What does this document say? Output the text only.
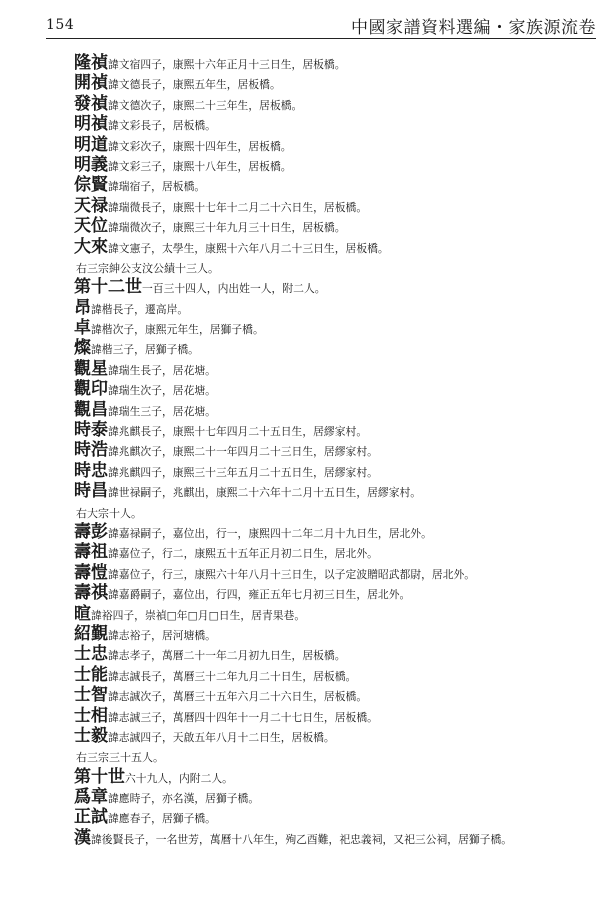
154	中國家譜資料選編・家族源流卷
隆禎諱文宿四子，康熙十六年正月十三日生，居板橋。
開禎諱文德長子，康熙五年生，居板橋。
發禎諱文德次子，康熙二十三年生，居板橋。
明禎諱文彩長子，居板橋。
明道諱文彩次子，康熙十四年生，居板橋。
明義諱文彩三子，康熙十八年生，居板橋。
倧賢諱瑞宿子，居板橋。
天禄諱瑞微長子，康熙十七年十二月二十六日生，居板橋。
天位諱瑞微次子，康熙三十年九月三十日生，居板橋。
大來諱文憲子，太學生，康熙十六年八月二十三日生，居板橋。
右三宗紳公支汶公績十三人。
第十二世一百三十四人，内出姓一人，附二人。
昂諱楷長子，遷高岸。
卓諱楷次子，康熙元年生，居獅子橋。
燦諱楷三子，居獅子橋。
觀星諱瑞生長子，居花塘。
觀印諱瑞生次子，居花塘。
觀昌諱瑞生三子，居花塘。
時泰諱兆麒長子，康熙十七年四月二十五日生，居繆家村。
時浩諱兆麒次子，康熙二十一年四月二十三日生，居繆家村。
時忠諱兆麒四子，康熙三十三年五月二十五日生，居繆家村。
時昌諱世禄嗣子，兆麒出，康熙二十六年十二月十五日生，居繆家村。
右大宗十人。
壽彭諱嘉禄嗣子，嘉位出，行一，康熙四十二年二月十九日生，居北外。
壽祖諱嘉位子，行二，康熙五十五年正月初二日生，居北外。
壽愷諱嘉位子，行三，康熙六十年八月十三日生，以子定波贈昭武都尉，居北外。
壽祺諱嘉爵嗣子，嘉位出，行四，雍正五年七月初三日生，居北外。
暄諱裕四子，崇禎□年□月□日生，居青果巷。
紹覲諱志裕子，居河塘橋。
士忠諱志孝子，萬曆二十一年二月初九日生，居板橋。
士能諱志誠長子，萬曆三十二年九月二十日生，居板橋。
士智諱志誠次子，萬曆三十五年六月二十六日生，居板橋。
士相諱志誠三子，萬曆四十四年十一月二十七日生，居板橋。
士毅諱志誠四子，天啟五年八月十二日生，居板橋。
右三宗三十五人。
第十世六十九人，内附二人。
爲章諱應時子，亦名漢，居獅子橋。
正試諱應春子，居獅子橋。
漢諱後賢長子，一名世芳，萬曆十八年生，殉乙酉難，祀忠義祠，又祀三公祠，居獅子橋。
